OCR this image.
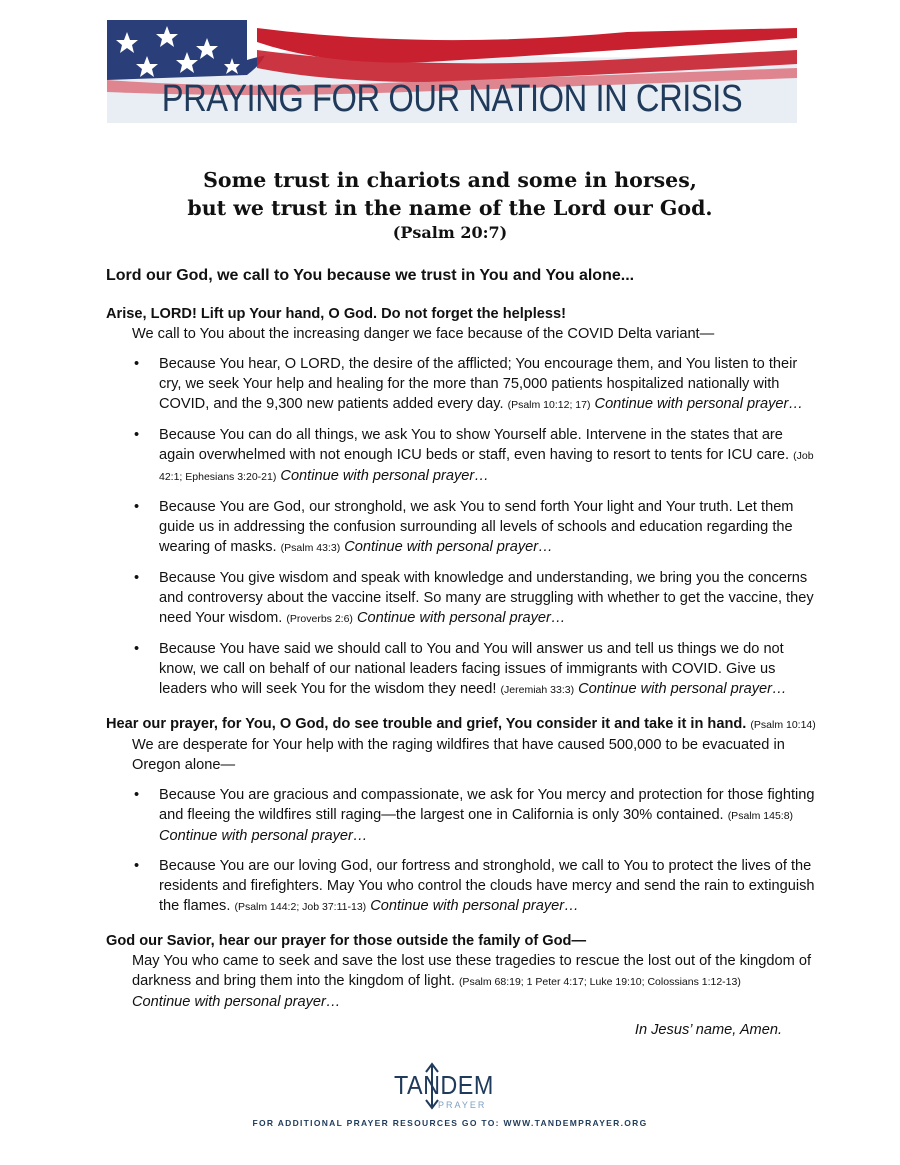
PRAYING FOR OUR NATION IN CRISIS
Some trust in chariots and some in horses,
but we trust in the name of the Lord our God.
(Psalm 20:7)

Lord our God, we call to You because we trust in You and You alone...

Arise, LORD! Lift up Your hand, O God. Do not forget the helpless!

We call to You about the increasing danger we face because of the COVID Delta variant—

• Because You hear, O LORD, the desire of the afflicted; You encourage them, and You listen to their cry, we seek Your help and healing for the more than 75,000 patients hospitalized nationally with COVID, and the 9,300 new patients added every day. (Psalm 10:12; 17) Continue with personal prayer…
• Because You can do all things, we ask You to show Yourself able. Intervene in the states that are again overwhelmed with not enough ICU beds or staff, even having to resort to tents for ICU care. (Job 42:1; Ephesians 3:20-21) Continue with personal prayer…
• Because You are God, our stronghold, we ask You to send forth Your light and Your truth. Let them guide us in addressing the confusion surrounding all levels of schools and education regarding the wearing of masks. (Psalm 43:3) Continue with personal prayer…
• Because You give wisdom and speak with knowledge and understanding, we bring you the concerns and controversy about the vaccine itself. So many are struggling with whether to get the vaccine, they need Your wisdom. (Proverbs 2:6) Continue with personal prayer…
• Because You have said we should call to You and You will answer us and tell us things we do not know, we call on behalf of our national leaders facing issues of immigrants with COVID. Give us leaders who will seek You for the wisdom they need! (Jeremiah 33:3) Continue with personal prayer…

Hear our prayer, for You, O God, do see trouble and grief, You consider it and take it in hand. (Psalm 10:14)

We are desperate for Your help with the raging wildfires that have caused 500,000 to be evacuated in Oregon alone—

• Because You are gracious and compassionate, we ask for You mercy and protection for those fighting and fleeing the wildfires still raging—the largest one in California is only 30% contained. (Psalm 145:8) Continue with personal prayer…
• Because You are our loving God, our fortress and stronghold, we call to You to protect the lives of the residents and firefighters. May You who control the clouds have mercy and send the rain to extinguish the flames. (Psalm 144:2; Job 37:11-13) Continue with personal prayer…

God our Savior, hear our prayer for those outside the family of God—

May You who came to seek and save the lost use these tragedies to rescue the lost out of the kingdom of darkness and bring them into the kingdom of light. (Psalm 68:19; 1 Peter 4:17; Luke 19:10; Colossians 1:12-13)
Continue with personal prayer…

In Jesus’ name, Amen.

TANDEM
PRAYER
FOR ADDITIONAL PRAYER RESOURCES GO TO: WWW.TANDEMPRAYER.ORG
